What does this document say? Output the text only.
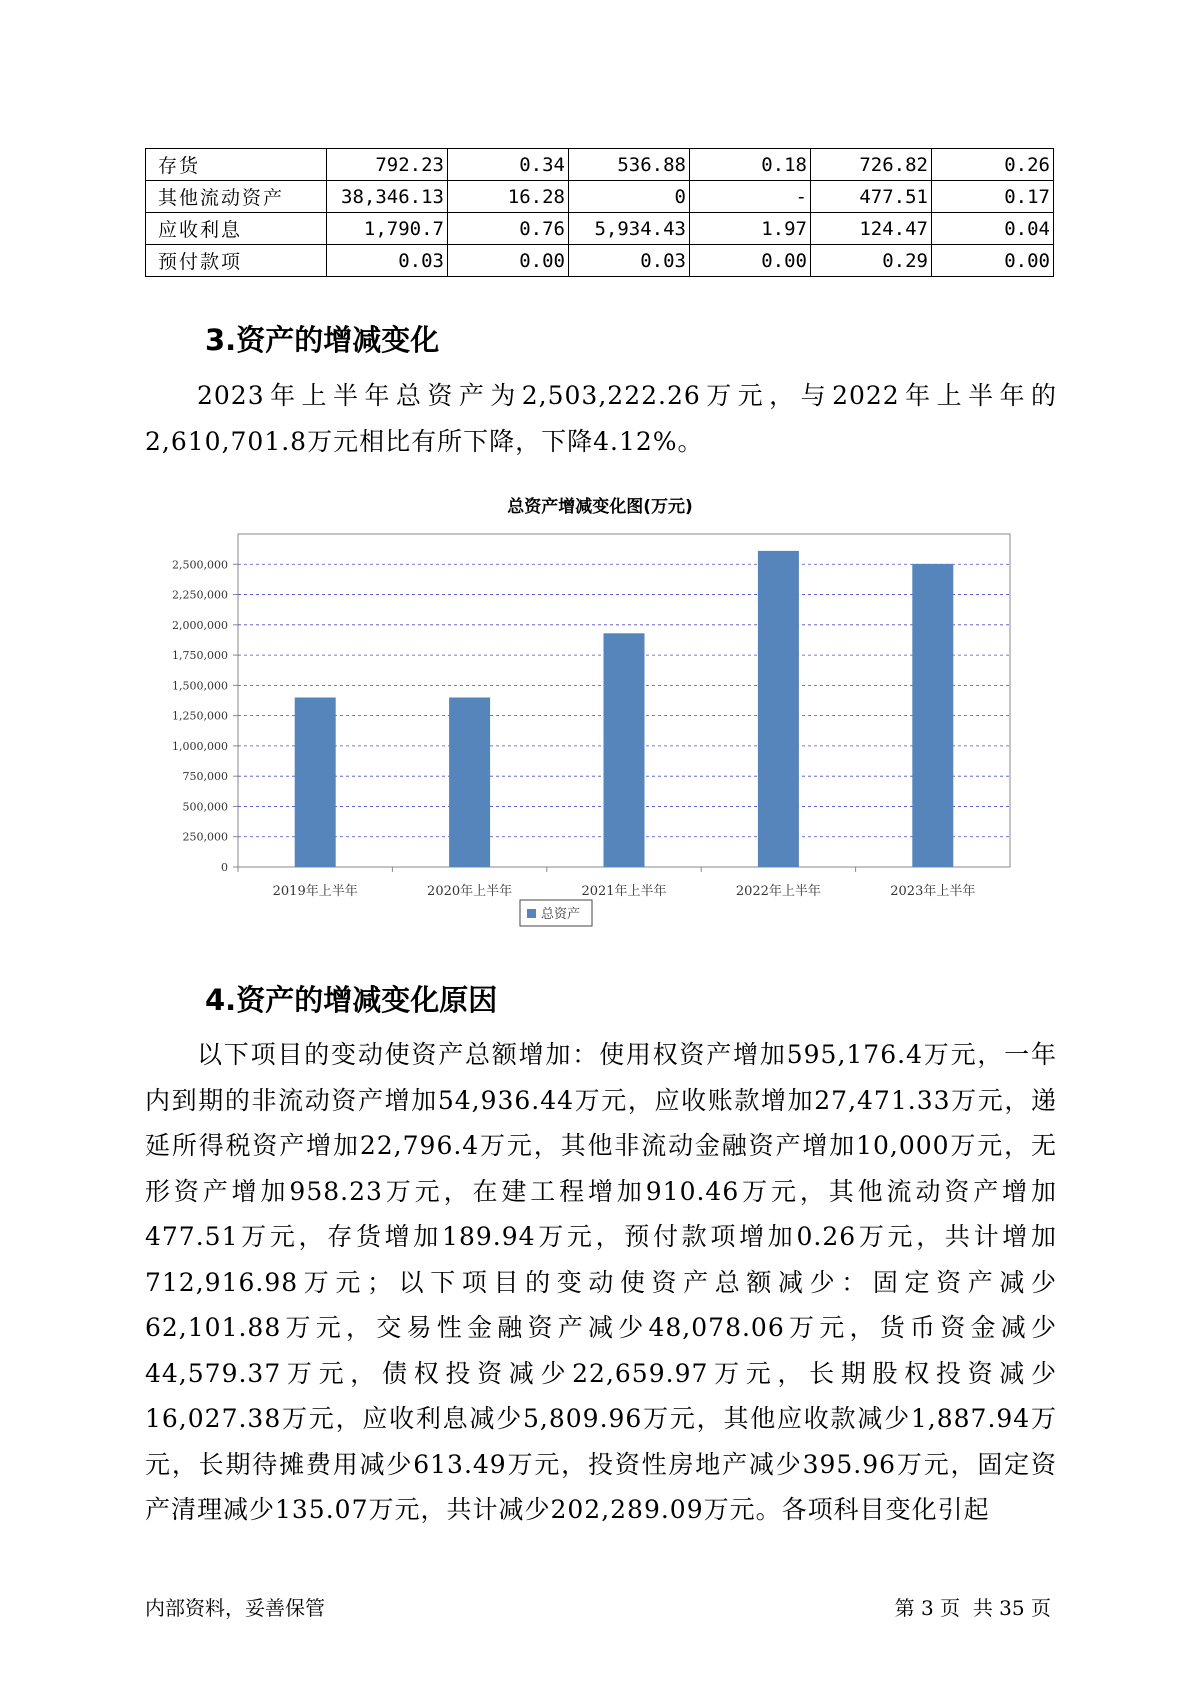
存货	792.23	0.34	536.88	0.18	726.82	0.26
其他流动资产	38,346.13	16.28	0	-	477.51	0.17
应收利息	1,790.7	0.76	5,934.43	1.97	124.47	0.04
预付款项	0.03	0.00	0.03	0.00	0.29	0.00
3.资产的增减变化

2023年上半年总资产为2,503,222.26万元，与2022年上半年的2,610,701.8万元相比有所下降，下降4.12%。

总资产增减变化图(万元)
0
250,000
500,000
750,000
1,000,000
1,250,000
1,500,000
1,750,000
2,000,000
2,250,000
2,500,000
2019年上半年	2020年上半年	2021年上半年	2022年上半年	2023年上半年
总资产
4.资产的增减变化原因

以下项目的变动使资产总额增加：使用权资产增加595,176.4万元，一年内到期的非流动资产增加54,936.44万元，应收账款增加27,471.33万元，递延所得税资产增加22,796.4万元，其他非流动金融资产增加10,000万元，无形资产增加958.23万元，在建工程增加910.46万元，其他流动资产增加477.51万元，存货增加189.94万元，预付款项增加0.26万元，共计增加712,916.98万元；以下项目的变动使资产总额减少：固定资产减少62,101.88万元，交易性金融资产减少48,078.06万元，货币资金减少44,579.37万元，债权投资减少22,659.97万元，长期股权投资减少16,027.38万元，应收利息减少5,809.96万元，其他应收款减少1,887.94万元，长期待摊费用减少613.49万元，投资性房地产减少395.96万元，固定资产清理减少135.07万元，共计减少202,289.09万元。各项科目变化引起

内部资料，妥善保管	第 3 页  共 35 页
